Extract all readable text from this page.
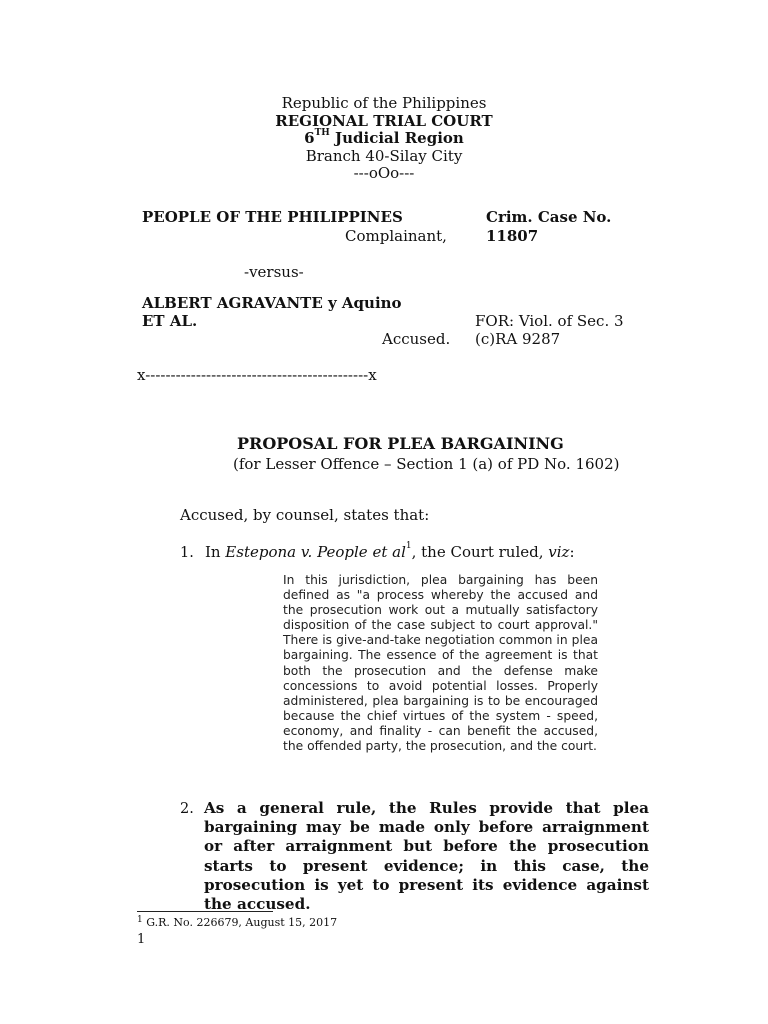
Republic of the Philippines
REGIONAL TRIAL COURT
6TH Judicial Region
Branch 40-Silay City
---oOo---
PEOPLE OF THE PHILIPPINES
Complainant,
Crim. Case No.
11807
-versus-
ALBERT AGRAVANTE y Aquino
ET AL.
Accused.
FOR: Viol. of Sec. 3
(c)RA 9287
x--------------------------------------------x
PROPOSAL FOR PLEA BARGAINING
(for Lesser Offence – Section 1 (a) of PD No. 1602)
Accused, by counsel, states that:
1. In Estepona v. People et $al^1$, the Court ruled, viz:
In this jurisdiction, plea bargaining has been defined as "a process whereby the accused and the prosecution work out a mutually satisfactory disposition of the case subject to court approval." There is give-and-take negotiation common in plea bargaining. The essence of the agreement is that both the prosecution and the defense make concessions to avoid potential losses. Properly administered, plea bargaining is to be encouraged because the chief virtues of the system - speed, economy, and finality - can benefit the accused, the offended party, the prosecution, and the court.
2. As a general rule, the Rules provide that plea bargaining may be made only before arraignment or after arraignment but before the prosecution starts to present evidence; in this case, the prosecution is yet to present its evidence against the accused.
$^1$ G.R. No. 226679, August 15, 2017
1
